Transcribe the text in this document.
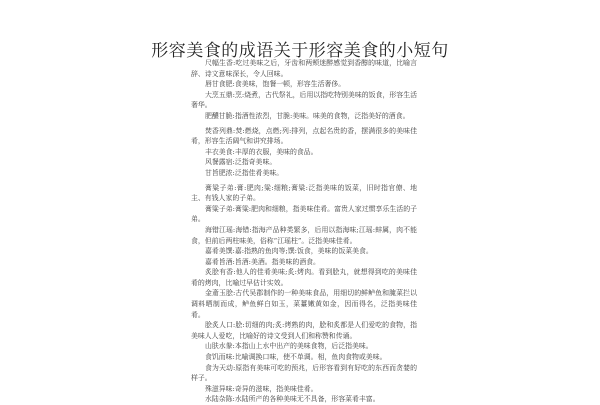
形容美食的成语关于形容美食的小短句

尺幅生香:吃过美味之后，牙齿和两颊迷醉感觉到香醇的味道，比喻言辞、诗文意味深长，令人回味。

唇甘食肥:食美味，饱餐一顿，形容生活奢侈。

大烹五鼎:烹:烧煮，古代祭礼，后用以指吃特别美味的饭食，形容生活奢华。

肥醲甘脆:指酒性浓烈，甘脆:美味。味美的食物，泛指美好的酒食。

焚香列鼎:焚:燃烧，点燃;列:排列，点起名贵的香，摆满很多的美味佳肴，形容生活阔气和讲究排场。

丰衣美食:丰厚的衣服，美味的食品。

风餐露宿:泛指奇美味。

甘旨肥浓:泛指佳肴美味。

膏粱子弟:膏:肥肉;粱:细粮;膏粱:泛指美味的饭菜，旧时指官僚、地主、有钱人家的子弟。

膏粱子弟:膏粱:肥肉和细粮，指美味佳肴。富贵人家过惯享乐生活的子弟。

海错江瑶:海错:指海产品种类繁多，后用以指海味;江瑶:蚌属，肉不能食，但前后两柱味美，俗称“江瑶柱”。泛指美味佳肴。

嘉肴美馔:嘉:指熟的鱼肉等;馔:饭食，美味的饭菜美食。

嘉肴旨酒:旨酒:美酒。指美味的酒食。

炙脍有香:他人的佳肴美味;炙:烤肉。看到脍丸，就想得到吃的美味佳肴的烤肉，比喻过早估计实效。

金齑玉脍:古代吴郡制作的一种美味食品，用细切的鲜鲈鱼和腌菜拦以调料晒制而成，鲈鱼鲜白如玉，菜薹嫩黄如金，因而得名，泛指美味佳肴。

脍炙人口:脍:切细的肉;炙:烤熟的肉，脍和炙都是人们爱吃的食物，指美味人人爱吃，比喻好的诗文受到人们和称赞和传诵。

山肤水豢:本指山上水中出产的美味食物，后泛指美味。

食饥而味:比喻调换口味，使不单调。相，鱼肉食物或美味。

食为天动:原指有美味可吃的预兆，后形容看到有好吃的东西而贪婪的样子。

殊滋异味:奇异的滋味，指美味佳肴。

水陆杂陈:水陆所产的各种美味无不具备，形容菜肴丰富。
